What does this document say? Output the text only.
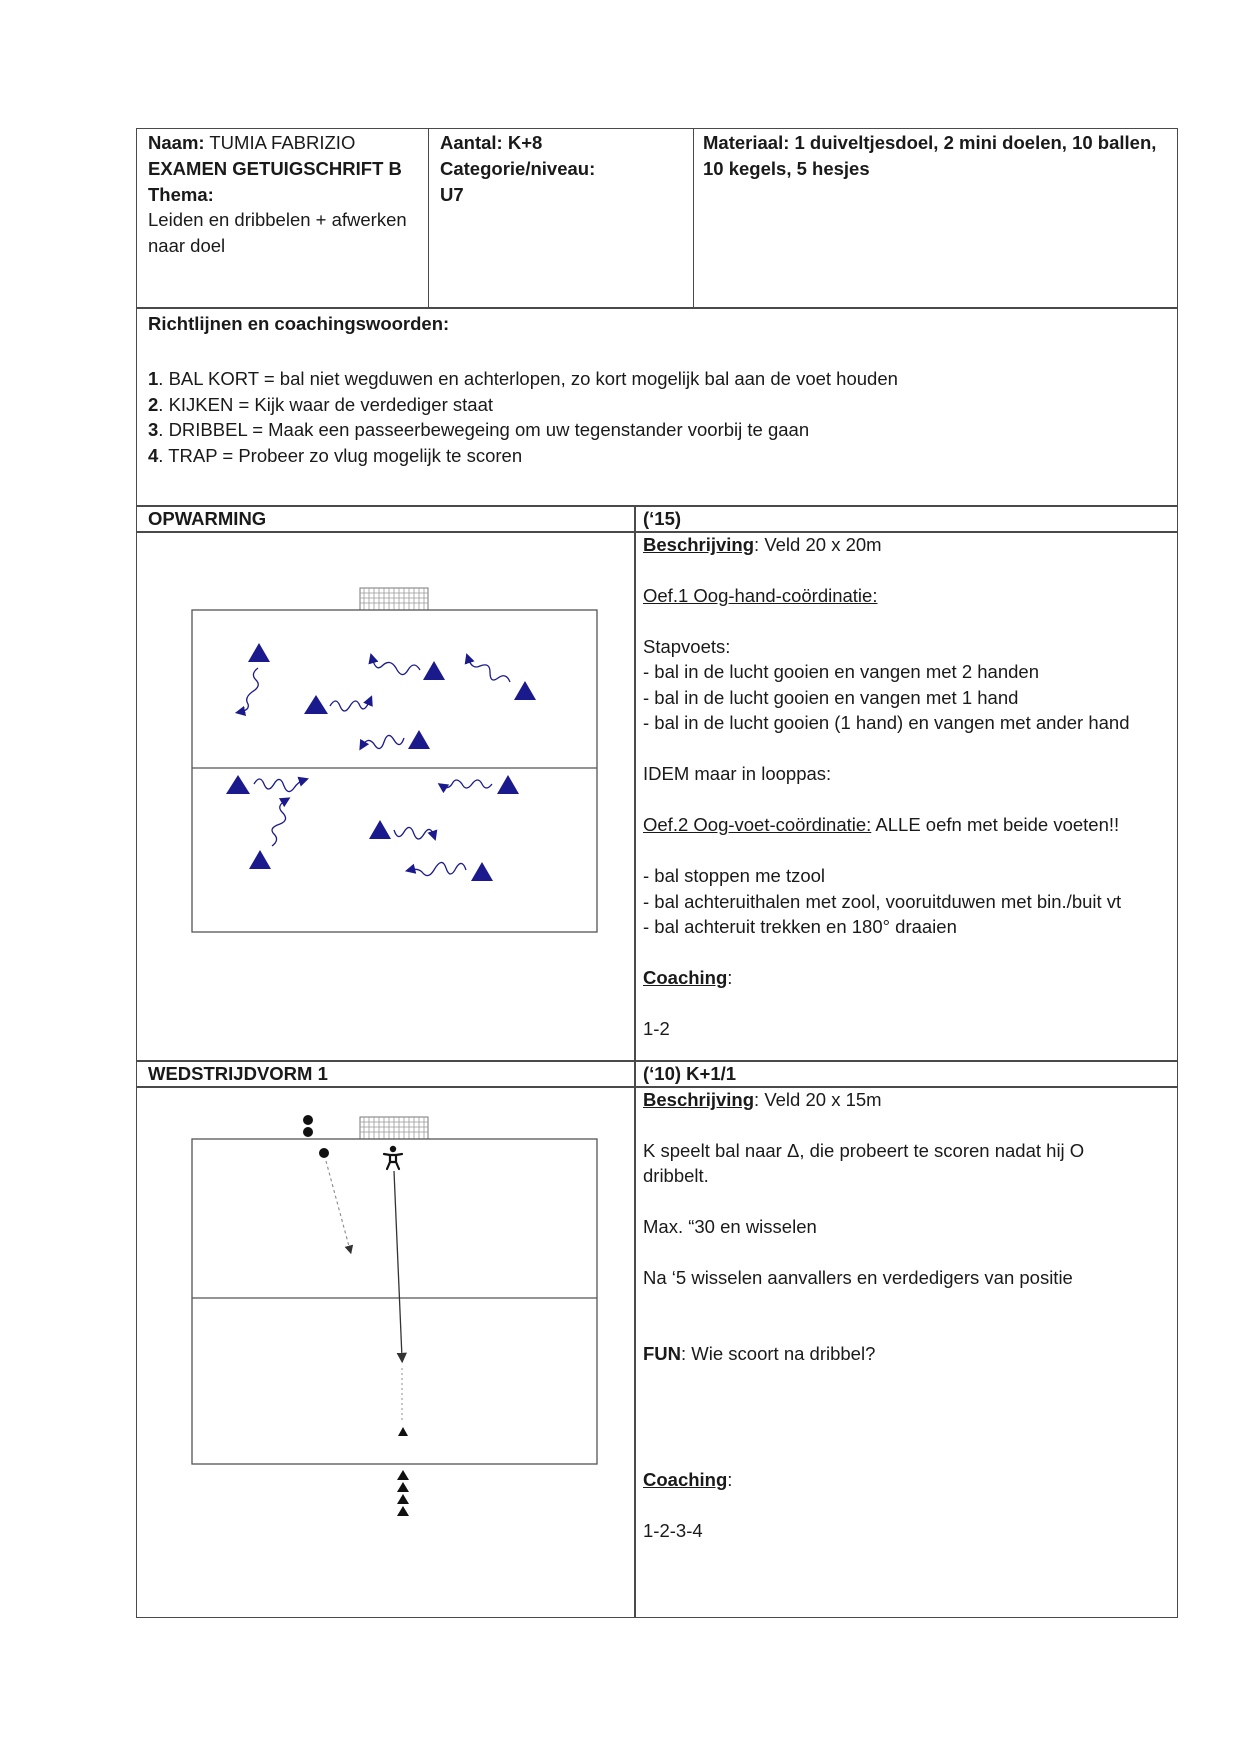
Naam: TUMIA FABRIZIO
EXAMEN GETUIGSCHRIFT B
Thema:
Leiden en dribbelen + afwerken
naar doel
Aantal: K+8
Categorie/niveau:
U7
Materiaal: 1 duiveltjesdoel, 2 mini doelen, 10 ballen,
10 kegels, 5 hesjes
Richtlijnen en coachingswoorden:
1. BAL KORT = bal niet wegduwen en achterlopen, zo kort mogelijk bal aan de voet houden
2. KIJKEN = Kijk waar de verdediger staat
3. DRIBBEL = Maak een passeerbewegeing om uw tegenstander voorbij te gaan
4. TRAP = Probeer zo vlug mogelijk te scoren
OPWARMING	(‘15)
Beschrijving: Veld 20 x 20m
Oef.1 Oog-hand-coördinatie:
Stapvoets:
- bal in de lucht gooien en vangen met 2 handen
- bal in de lucht gooien en vangen met 1 hand
- bal in de lucht gooien (1 hand) en vangen met ander hand
IDEM maar in looppas:
Oef.2 Oog-voet-coördinatie: ALLE oefn met beide voeten!!
- bal stoppen me tzool
- bal achteruithalen met zool, vooruitduwen met bin./buit vt
- bal achteruit trekken en 180° draaien
Coaching:
1-2
WEDSTRIJDVORM 1	(‘10) K+1/1
Beschrijving: Veld 20 x 15m
K speelt bal naar Δ, die probeert te scoren nadat hij O
dribbelt.
Max. “30 en wisselen
Na ‘5 wisselen aanvallers en verdedigers van positie
FUN: Wie scoort na dribbel?
Coaching:
1-2-3-4
